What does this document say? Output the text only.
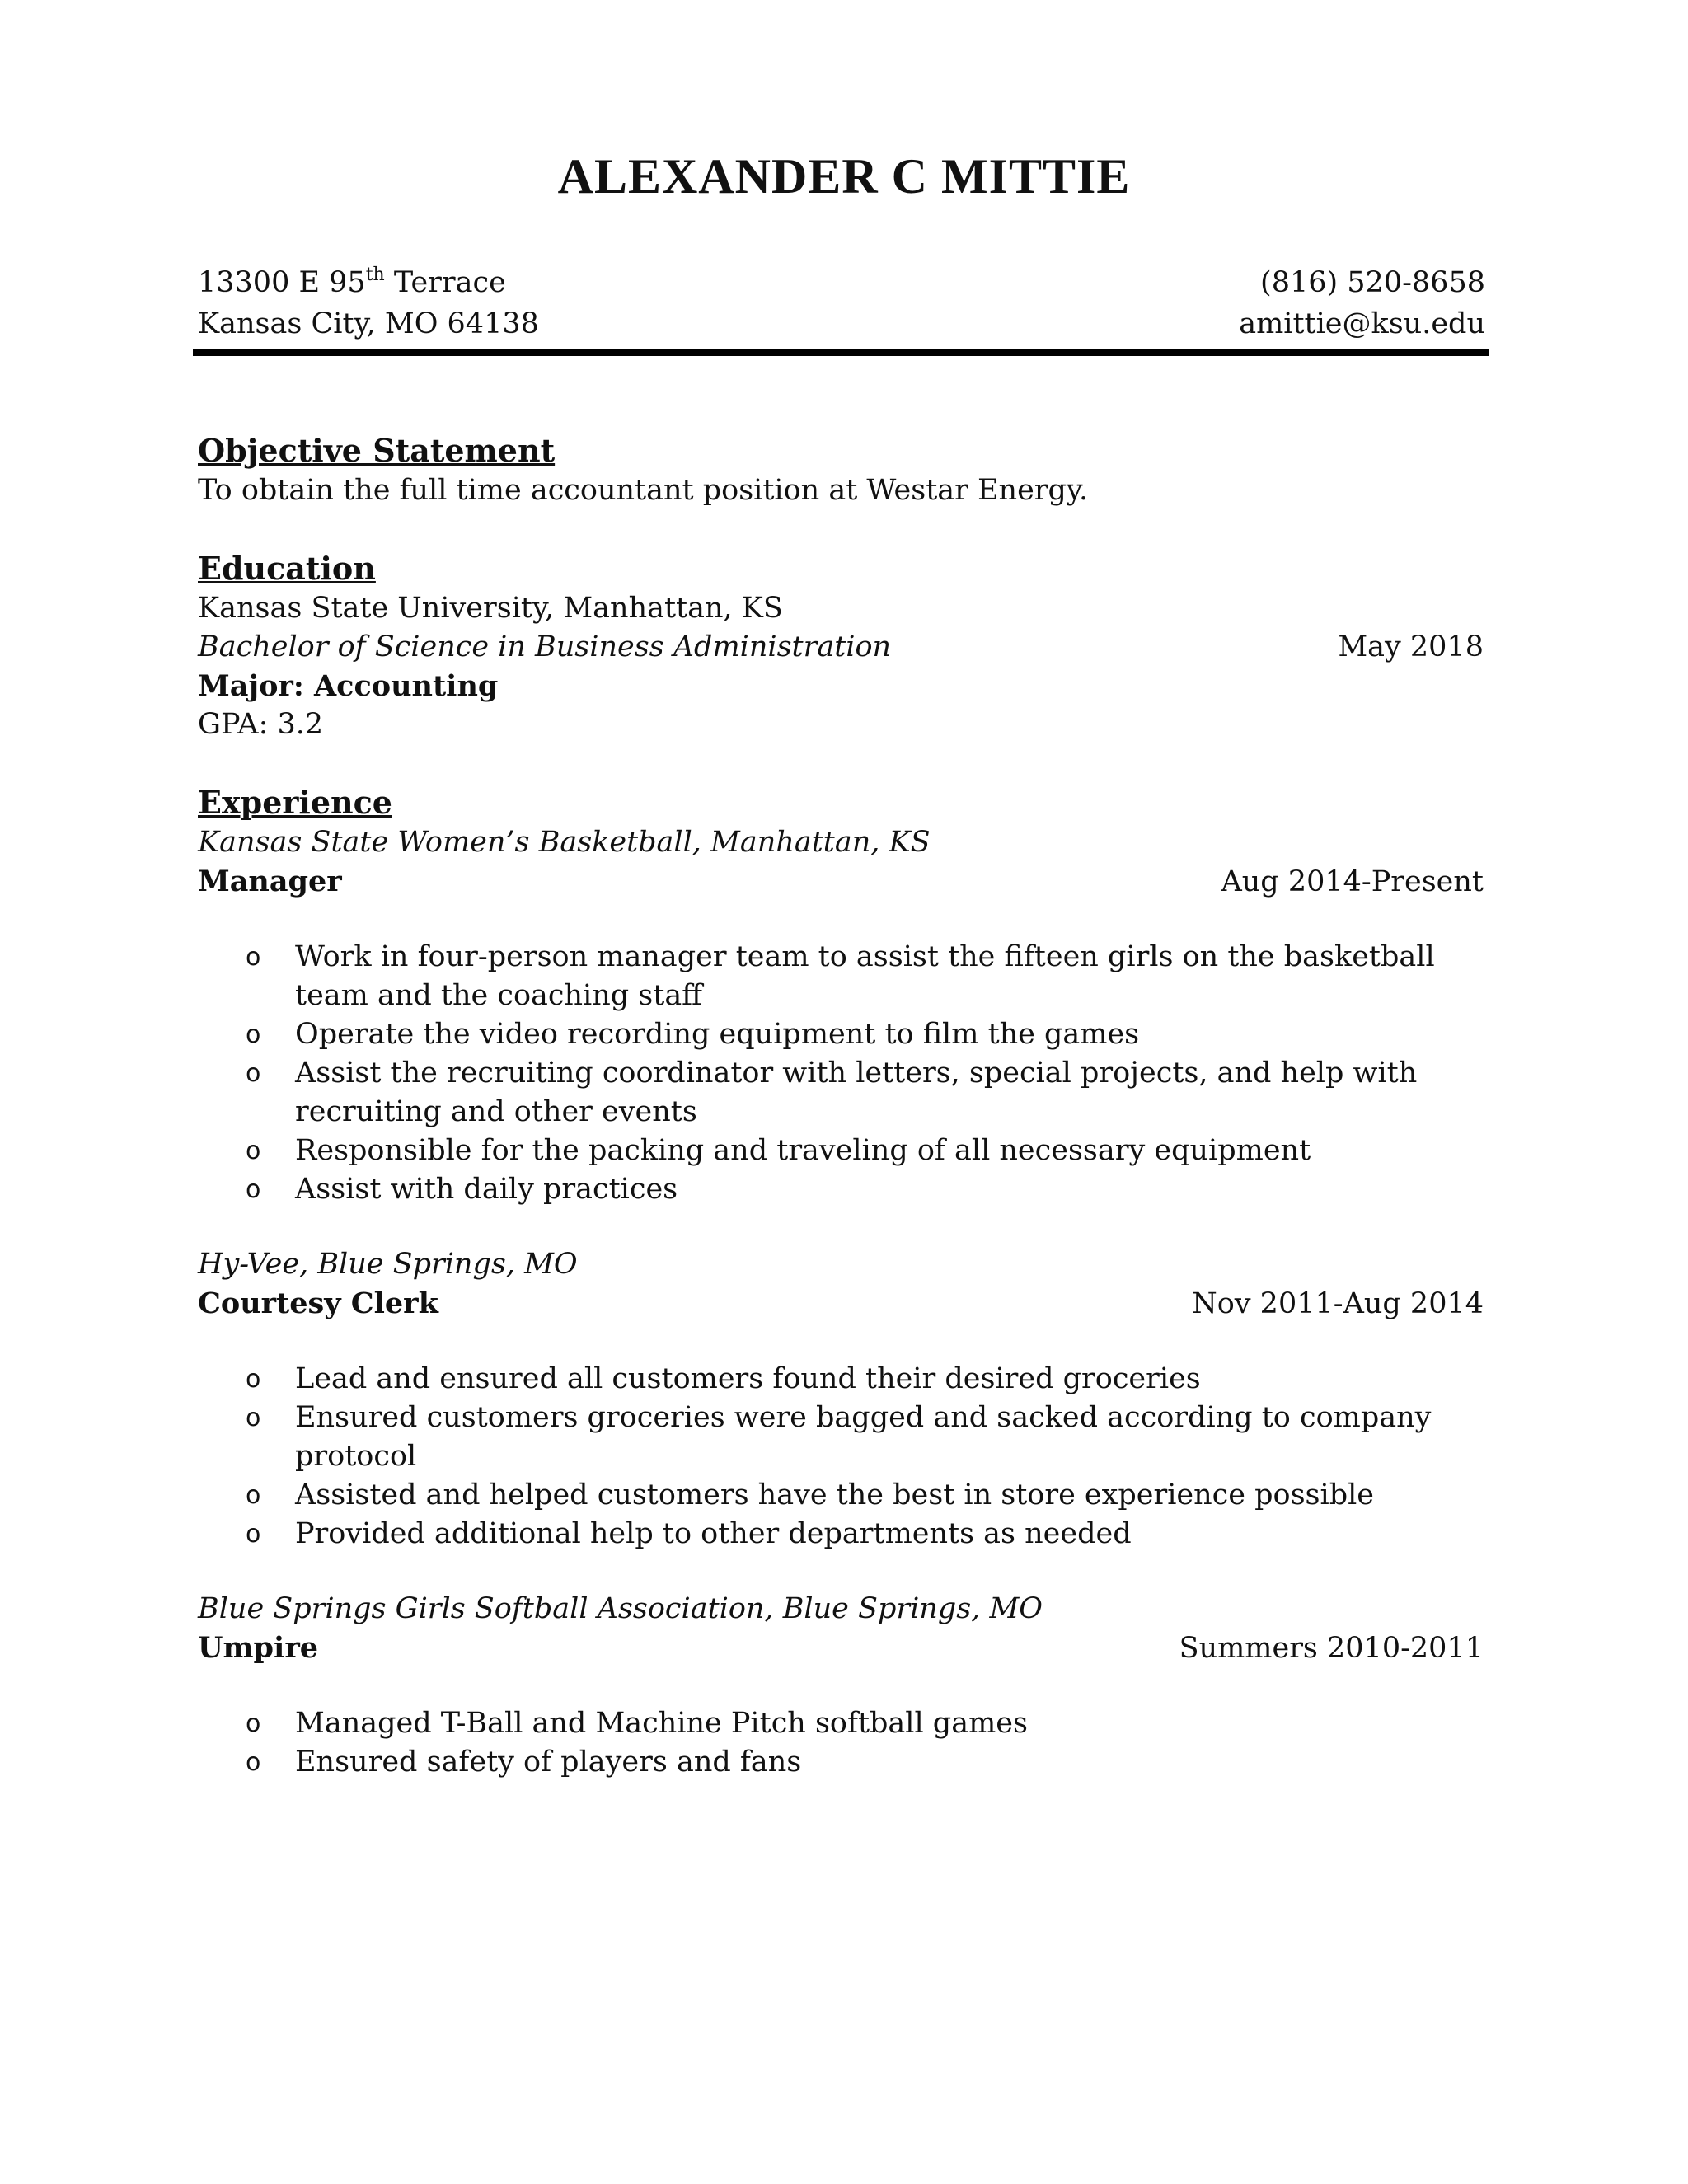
ALEXANDER C MITTIE
13300 E 95th Terrace
Kansas City, MO 64138
(816) 520-8658
amittie@ksu.edu
Objective Statement
To obtain the full time accountant position at Westar Energy.
Education
Kansas State University, Manhattan, KS
Bachelor of Science in Business Administration	May 2018
Major: Accounting
GPA: 3.2
Experience
Kansas State Women’s Basketball, Manhattan, KS
Manager	Aug 2014-Present
o Work in four-person manager team to assist the fifteen girls on the basketball team and the coaching staff
o Operate the video recording equipment to film the games
o Assist the recruiting coordinator with letters, special projects, and help with recruiting and other events
o Responsible for the packing and traveling of all necessary equipment
o Assist with daily practices
Hy-Vee, Blue Springs, MO
Courtesy Clerk	Nov 2011-Aug 2014
o Lead and ensured all customers found their desired groceries
o Ensured customers groceries were bagged and sacked according to company protocol
o Assisted and helped customers have the best in store experience possible
o Provided additional help to other departments as needed
Blue Springs Girls Softball Association, Blue Springs, MO
Umpire	Summers 2010-2011
o Managed T-Ball and Machine Pitch softball games
o Ensured safety of players and fans
